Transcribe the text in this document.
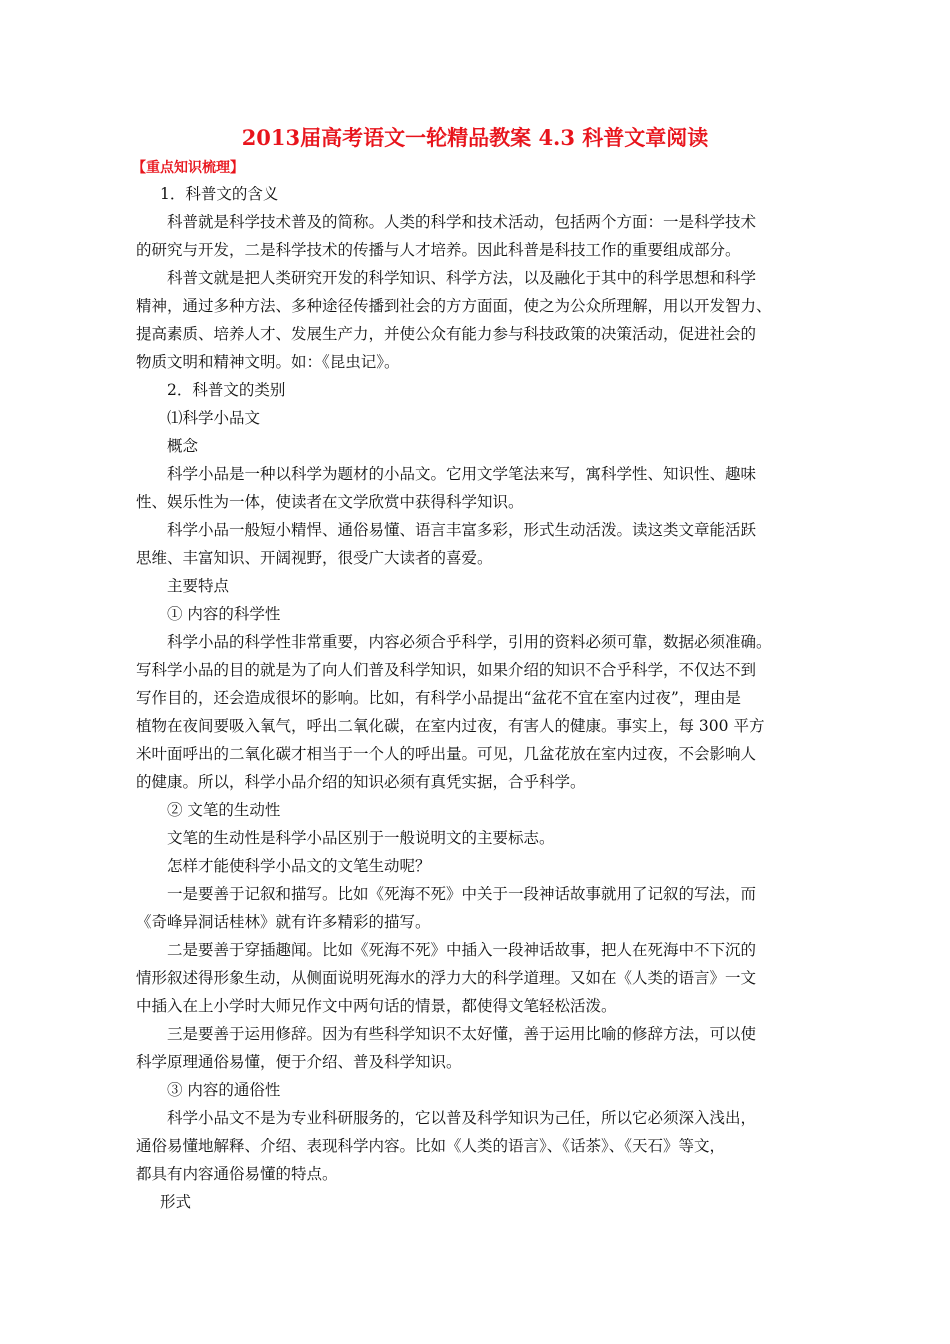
2013届高考语文一轮精品教案 4.3 科普文章阅读
【重点知识梳理】

1．科普文的含义

科普就是科学技术普及的简称。人类的科学和技术活动，包括两个方面：一是科学技术
的研究与开发，二是科学技术的传播与人才培养。因此科普是科技工作的重要组成部分。

科普文就是把人类研究开发的科学知识、科学方法，以及融化于其中的科学思想和科学
精神，通过多种方法、多种途径传播到社会的方方面面，使之为公众所理解，用以开发智力、
提高素质、培养人才、发展生产力，并使公众有能力参与科技政策的决策活动，促进社会的
物质文明和精神文明。如：《昆虫记》。

2．科普文的类别

⑴科学小品文

概念

科学小品是一种以科学为题材的小品文。它用文学笔法来写，寓科学性、知识性、趣味
性、娱乐性为一体，使读者在文学欣赏中获得科学知识。

科学小品一般短小精悍、通俗易懂、语言丰富多彩，形式生动活泼。读这类文章能活跃
思维、丰富知识、开阔视野，很受广大读者的喜爱。

主要特点

① 内容的科学性

科学小品的科学性非常重要，内容必须合乎科学，引用的资料必须可靠，数据必须准确。
写科学小品的目的就是为了向人们普及科学知识，如果介绍的知识不合乎科学，不仅达不到
写作目的，还会造成很坏的影响。比如，有科学小品提出“盆花不宜在室内过夜”，理由是
植物在夜间要吸入氧气，呼出二氧化碳，在室内过夜，有害人的健康。事实上，每 300 平方
米叶面呼出的二氧化碳才相当于一个人的呼出量。可见，几盆花放在室内过夜，不会影响人
的健康。所以，科学小品介绍的知识必须有真凭实据，合乎科学。

② 文笔的生动性

文笔的生动性是科学小品区别于一般说明文的主要标志。

怎样才能使科学小品文的文笔生动呢？

一是要善于记叙和描写。比如《死海不死》中关于一段神话故事就用了记叙的写法，而
《奇峰异洞话桂林》就有许多精彩的描写。

二是要善于穿插趣闻。比如《死海不死》中插入一段神话故事，把人在死海中不下沉的
情形叙述得形象生动，从侧面说明死海水的浮力大的科学道理。又如在《人类的语言》一文
中插入在上小学时大师兄作文中两句话的情景，都使得文笔轻松活泼。

三是要善于运用修辞。因为有些科学知识不太好懂，善于运用比喻的修辞方法，可以使
科学原理通俗易懂，便于介绍、普及科学知识。

③ 内容的通俗性

科学小品文不是为专业科研服务的，它以普及科学知识为己任，所以它必须深入浅出，
通俗易懂地解释、介绍、表现科学内容。比如《人类的语言》、《话茶》、《天石》等文，
都具有内容通俗易懂的特点。

形式
